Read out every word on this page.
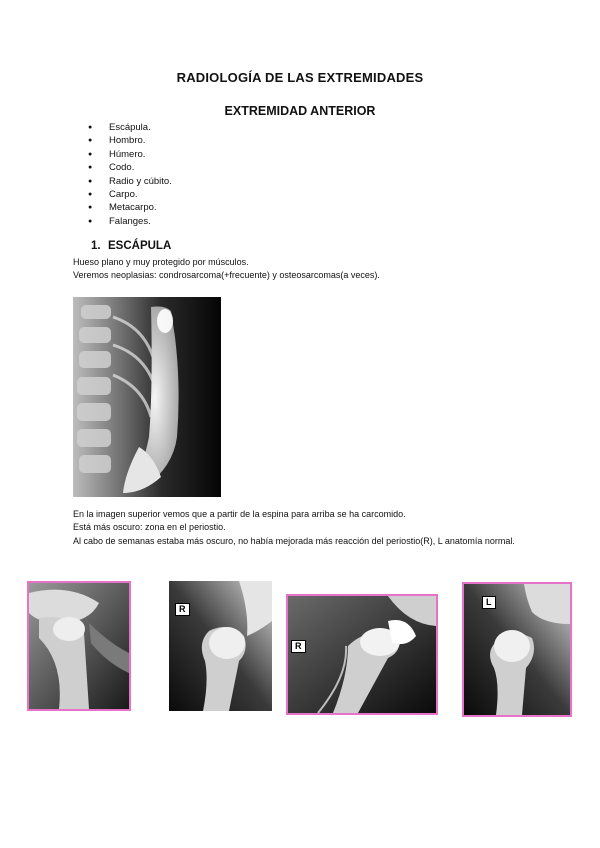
RADIOLOGÍA DE LAS EXTREMIDADES
EXTREMIDAD ANTERIOR
● Escápula.
● Hombro.
● Húmero.
● Codo.
● Radio y cúbito.
● Carpo.
● Metacarpo.
● Falanges.
1. ESCÁPULA
Hueso plano y muy protegido por músculos.
Veremos neoplasias: condrosarcoma(+frecuente) y osteosarcomas(a veces).
En la imagen superior vemos que a partir de la espina para arriba se ha carcomido.
Está más oscuro: zona en el periostio.
Al cabo de semanas estaba más oscuro, no había mejorada más reacción del periostio(R), L anatomía normal.
R
R
L
